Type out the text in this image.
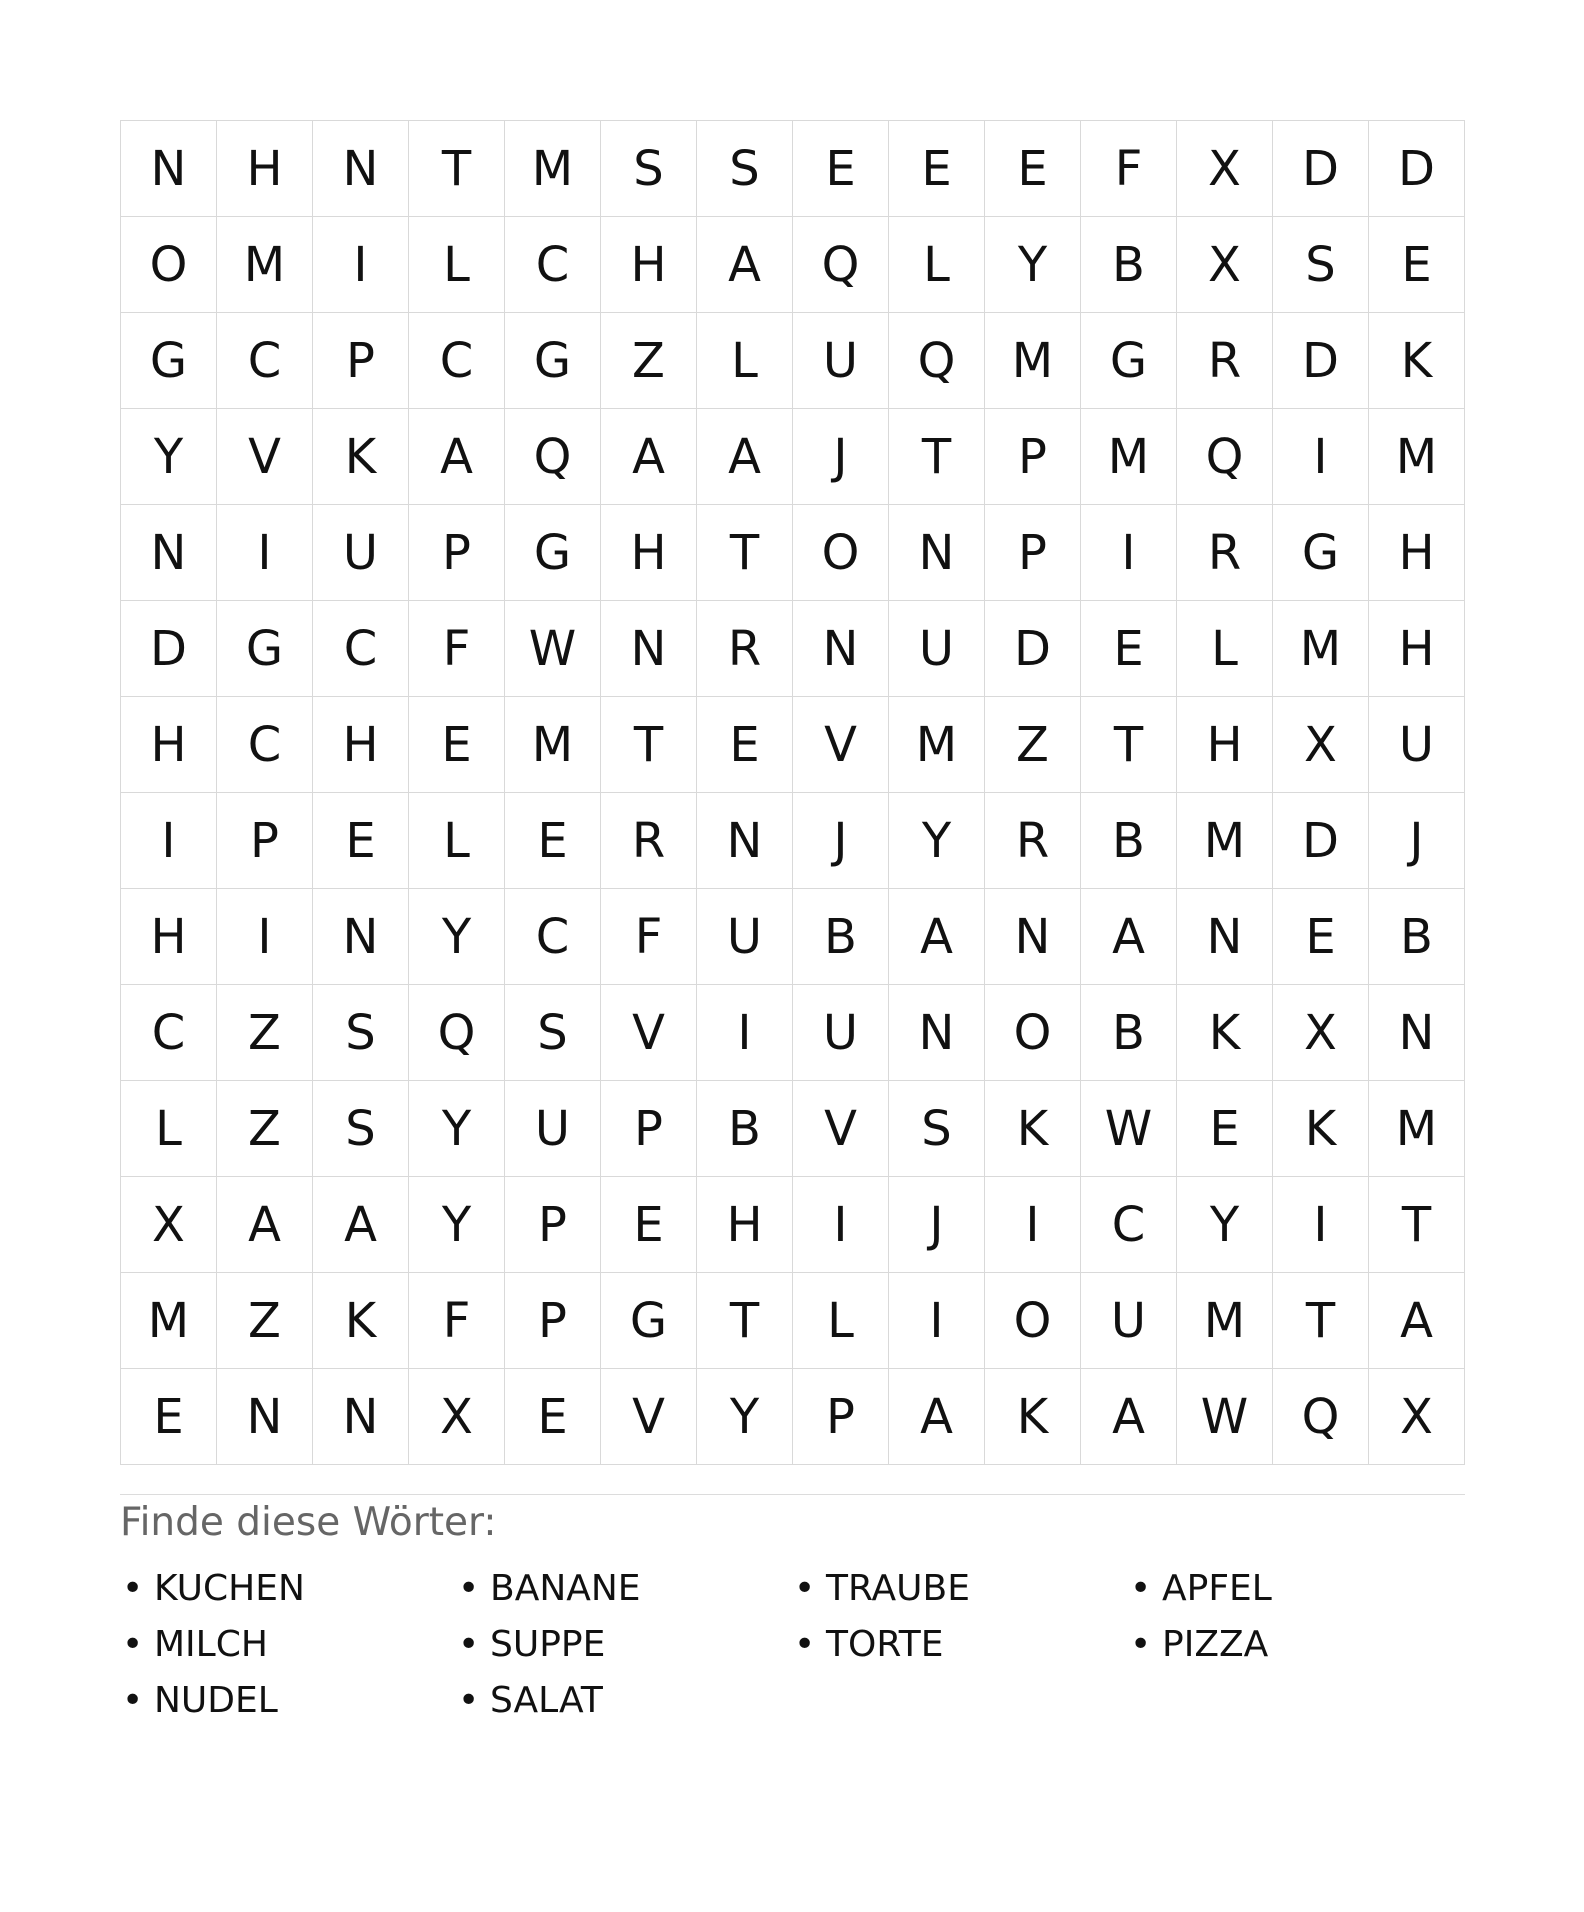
N	H	N	T	M	S	S	E	E	E	F	X	D	D
O	M	I	L	C	H	A	Q	L	Y	B	X	S	E
G	C	P	C	G	Z	L	U	Q	M	G	R	D	K
Y	V	K	A	Q	A	A	J	T	P	M	Q	I	M
N	I	U	P	G	H	T	O	N	P	I	R	G	H
D	G	C	F	W	N	R	N	U	D	E	L	M	H
H	C	H	E	M	T	E	V	M	Z	T	H	X	U
I	P	E	L	E	R	N	J	Y	R	B	M	D	J
H	I	N	Y	C	F	U	B	A	N	A	N	E	B
C	Z	S	Q	S	V	I	U	N	O	B	K	X	N
L	Z	S	Y	U	P	B	V	S	K	W	E	K	M
X	A	A	Y	P	E	H	I	J	I	C	Y	I	T
M	Z	K	F	P	G	T	L	I	O	U	M	T	A
E	N	N	X	E	V	Y	P	A	K	A	W	Q	X
Finde diese Wörter:
• KUCHEN	• BANANE	• TRAUBE	• APFEL
• MILCH	• SUPPE	• TORTE	• PIZZA
• NUDEL	• SALAT
